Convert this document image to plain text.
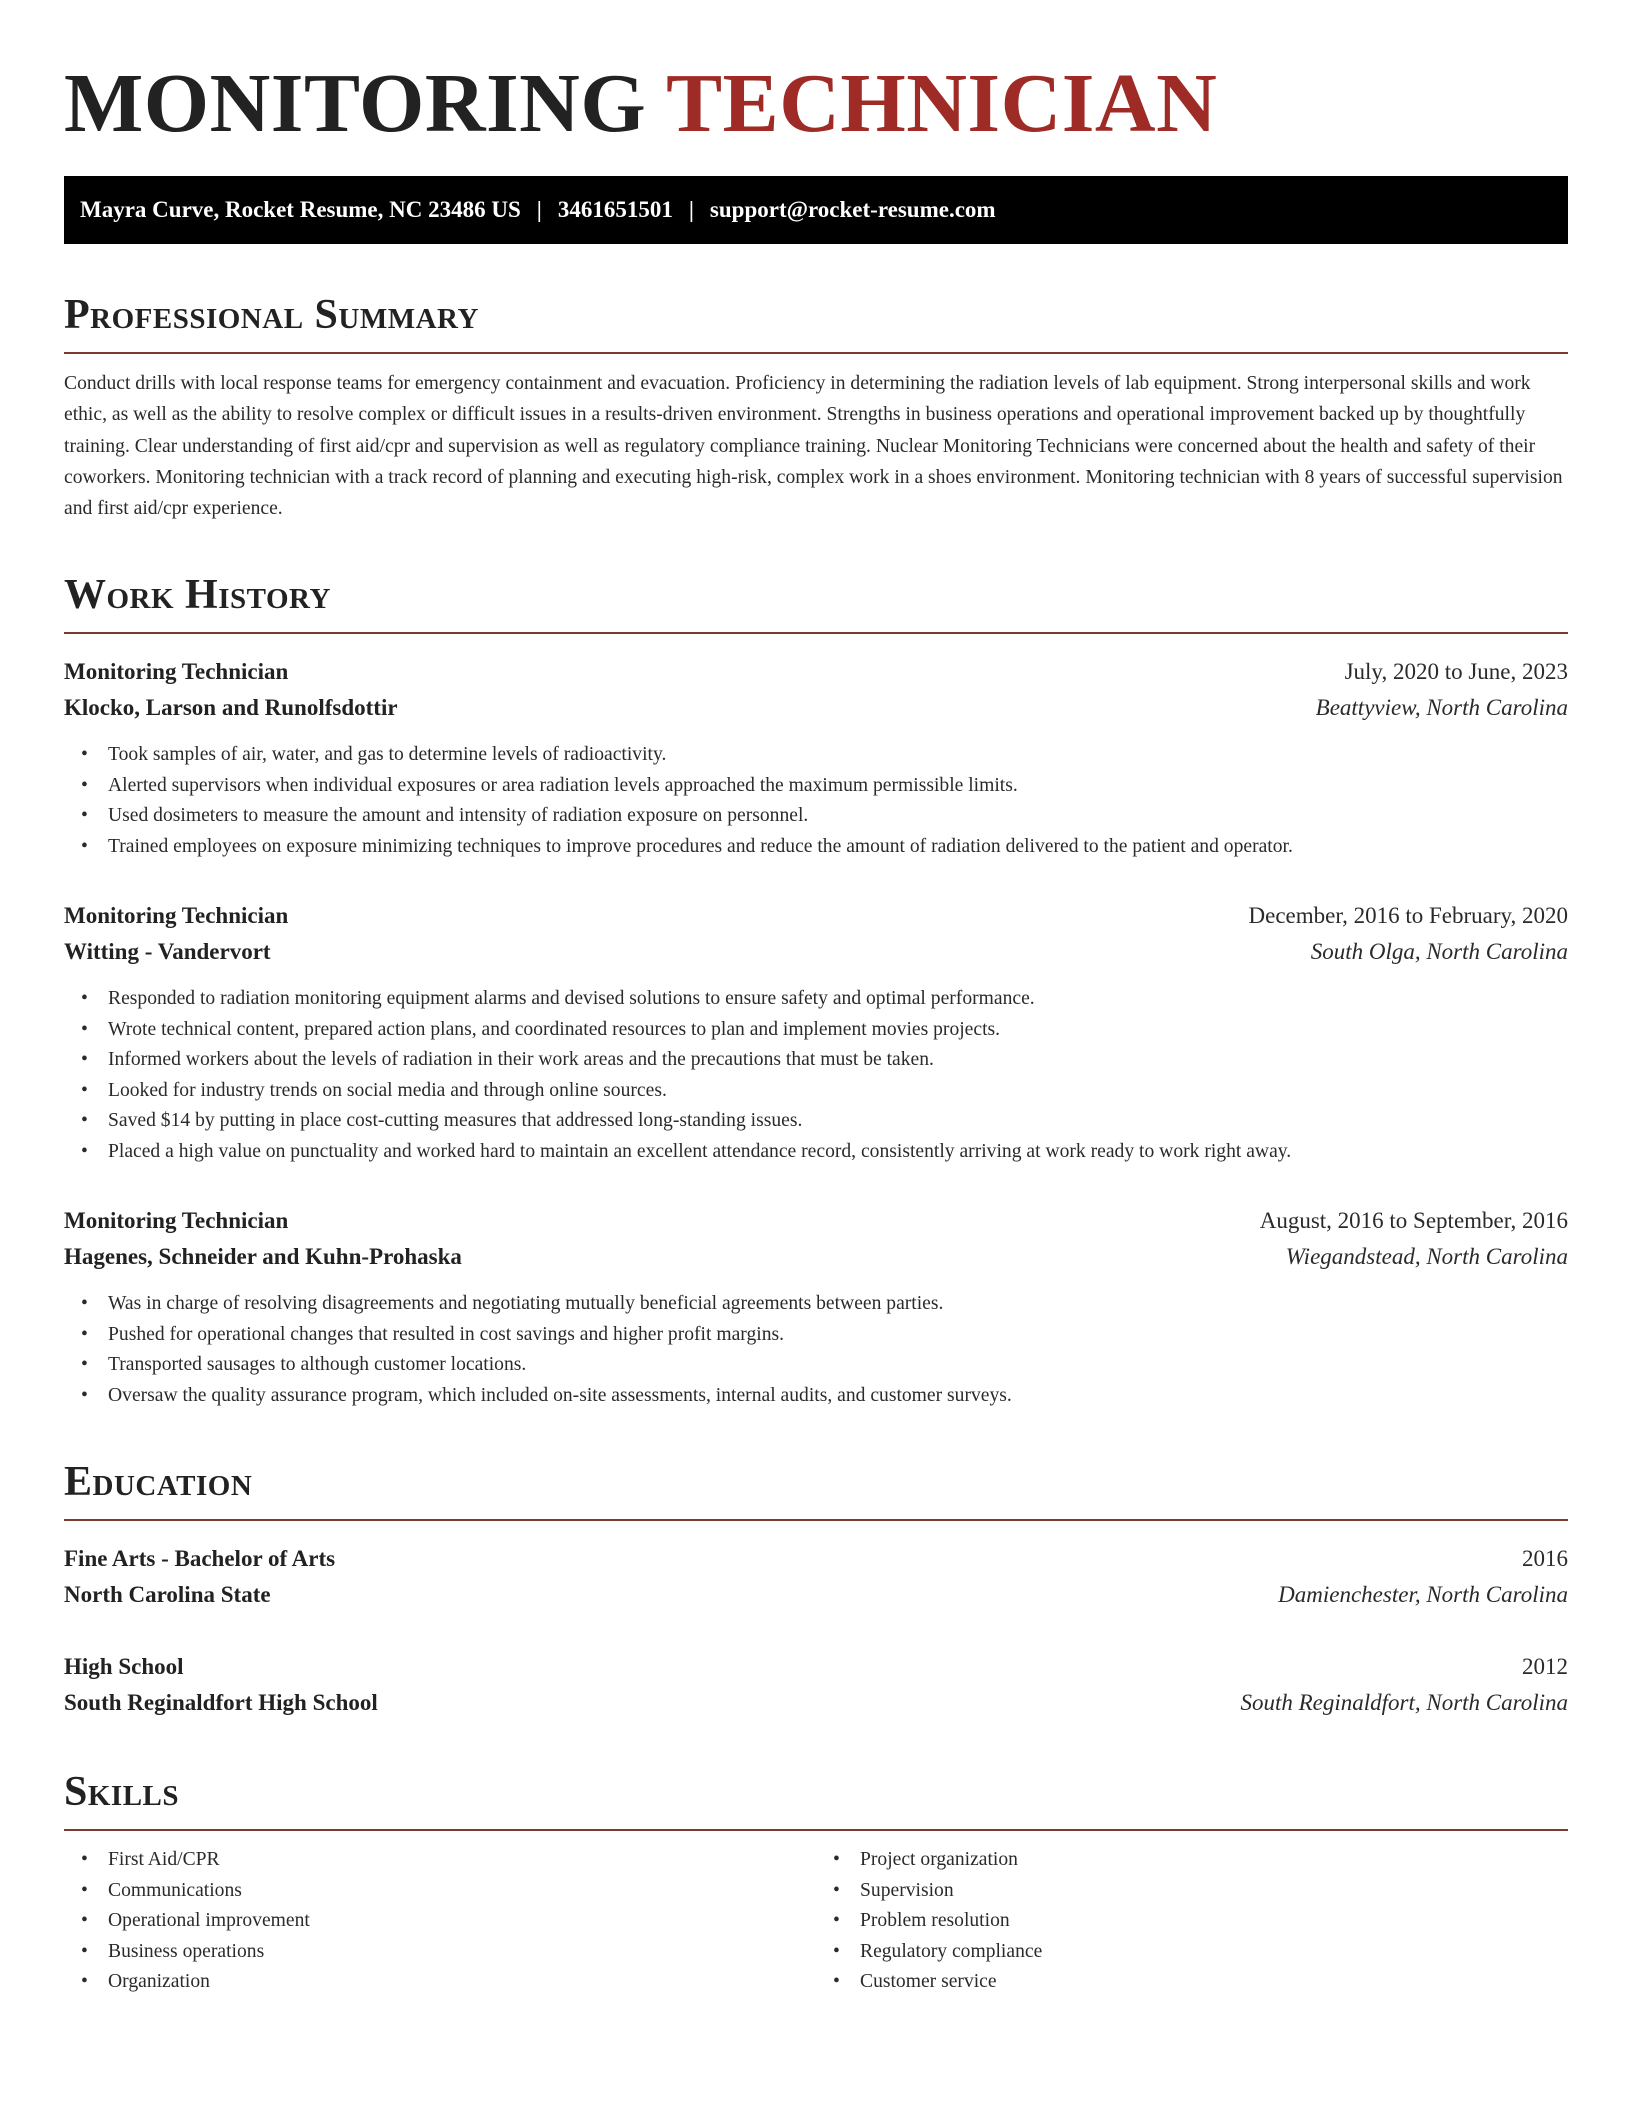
MONITORING TECHNICIAN
Mayra Curve, Rocket Resume, NC 23486 US | 3461651501 | support@rocket-resume.com
Professional Summary

Conduct drills with local response teams for emergency containment and evacuation. Proficiency in determining the radiation levels of lab equipment. Strong interpersonal skills and work ethic, as well as the ability to resolve complex or difficult issues in a results-driven environment. Strengths in business operations and operational improvement backed up by thoughtfully training. Clear understanding of first aid/cpr and supervision as well as regulatory compliance training. Nuclear Monitoring Technicians were concerned about the health and safety of their coworkers. Monitoring technician with a track record of planning and executing high-risk, complex work in a shoes environment. Monitoring technician with 8 years of successful supervision and first aid/cpr experience.

Work History
Monitoring Technician	July, 2020 to June, 2023
Klocko, Larson and Runolfsdottir	Beattyview, North Carolina
• Took samples of air, water, and gas to determine levels of radioactivity.
• Alerted supervisors when individual exposures or area radiation levels approached the maximum permissible limits.
• Used dosimeters to measure the amount and intensity of radiation exposure on personnel.
• Trained employees on exposure minimizing techniques to improve procedures and reduce the amount of radiation delivered to the patient and operator.
Monitoring Technician	December, 2016 to February, 2020
Witting - Vandervort	South Olga, North Carolina
• Responded to radiation monitoring equipment alarms and devised solutions to ensure safety and optimal performance.
• Wrote technical content, prepared action plans, and coordinated resources to plan and implement movies projects.
• Informed workers about the levels of radiation in their work areas and the precautions that must be taken.
• Looked for industry trends on social media and through online sources.
• Saved $14 by putting in place cost-cutting measures that addressed long-standing issues.
• Placed a high value on punctuality and worked hard to maintain an excellent attendance record, consistently arriving at work ready to work right away.
Monitoring Technician	August, 2016 to September, 2016
Hagenes, Schneider and Kuhn-Prohaska	Wiegandstead, North Carolina
• Was in charge of resolving disagreements and negotiating mutually beneficial agreements between parties.
• Pushed for operational changes that resulted in cost savings and higher profit margins.
• Transported sausages to although customer locations.
• Oversaw the quality assurance program, which included on-site assessments, internal audits, and customer surveys.
Education
Fine Arts - Bachelor of Arts	2016
North Carolina State	Damienchester, North Carolina
High School	2012
South Reginaldfort High School	South Reginaldfort, North Carolina
Skills
• First Aid/CPR
• Communications
• Operational improvement
• Business operations
• Organization
• Project organization
• Supervision
• Problem resolution
• Regulatory compliance
• Customer service
